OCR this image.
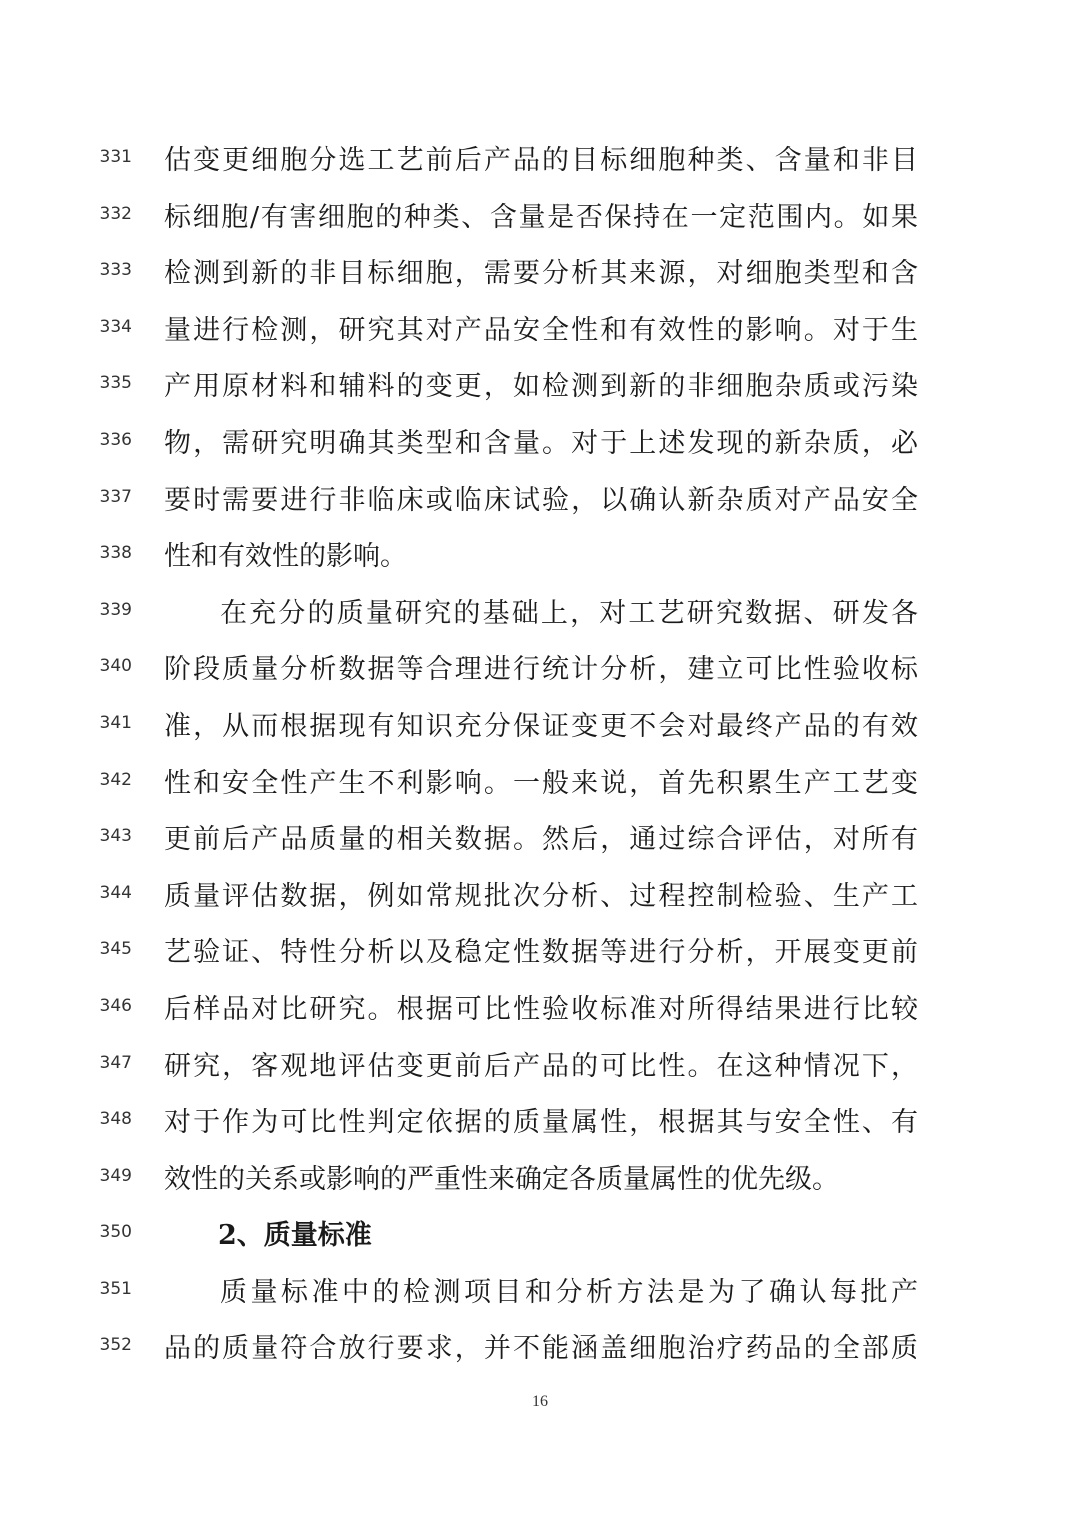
331 估变更细胞分选工艺前后产品的目标细胞种类、含量和非目
332 标细胞/有害细胞的种类、含量是否保持在一定范围内。如果
333 检测到新的非目标细胞，需要分析其来源，对细胞类型和含
334 量进行检测，研究其对产品安全性和有效性的影响。对于生
335 产用原材料和辅料的变更，如检测到新的非细胞杂质或污染
336 物，需研究明确其类型和含量。对于上述发现的新杂质，必
337 要时需要进行非临床或临床试验，以确认新杂质对产品安全
338 性和有效性的影响。
339	在充分的质量研究的基础上，对工艺研究数据、研发各
340 阶段质量分析数据等合理进行统计分析，建立可比性验收标
341 准，从而根据现有知识充分保证变更不会对最终产品的有效
342 性和安全性产生不利影响。一般来说，首先积累生产工艺变
343 更前后产品质量的相关数据。然后，通过综合评估，对所有
344 质量评估数据，例如常规批次分析、过程控制检验、生产工
345 艺验证、特性分析以及稳定性数据等进行分析，开展变更前
346 后样品对比研究。根据可比性验收标准对所得结果进行比较
347 研究，客观地评估变更前后产品的可比性。在这种情况下，
348 对于作为可比性判定依据的质量属性，根据其与安全性、有
349 效性的关系或影响的严重性来确定各质量属性的优先级。
350	2、质量标准
351	质量标准中的检测项目和分析方法是为了确认每批产
352 品的质量符合放行要求，并不能涵盖细胞治疗药品的全部质
16
